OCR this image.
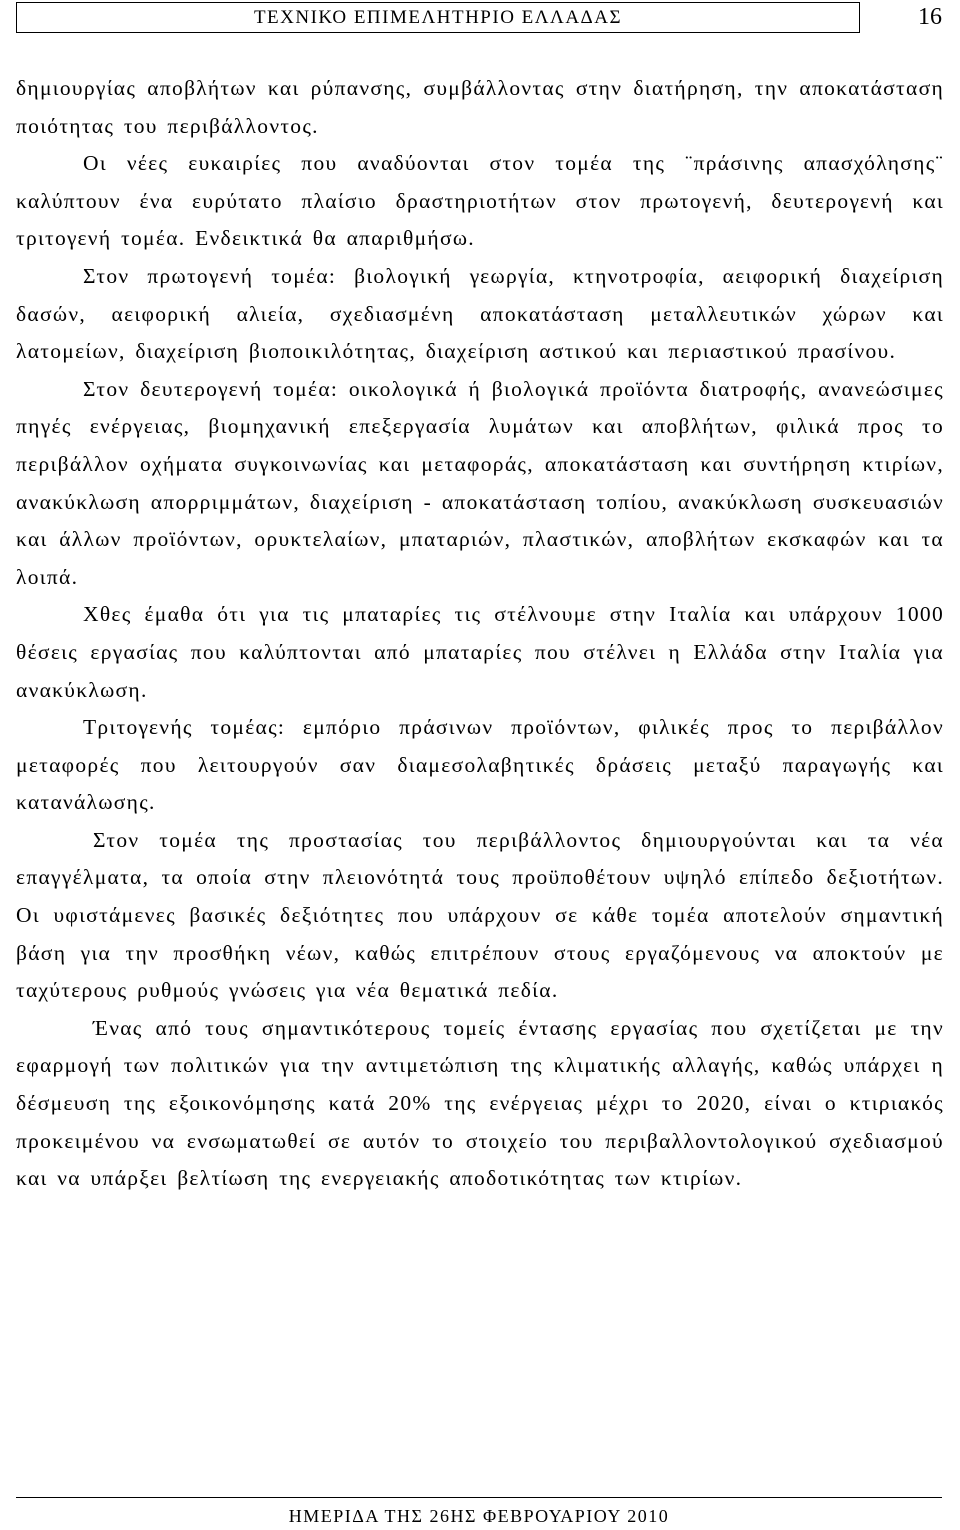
ΤΕΧΝΙΚΟ ΕΠΙΜΕΛΗΤΗΡΙΟ ΕΛΛΑΔΑΣ	16

δημιουργίας αποβλήτων και ρύπανσης, συμβάλλοντας στην διατήρηση, την αποκατάσταση ποιότητας του περιβάλλοντος.

Οι νέες ευκαιρίες που αναδύονται στον τομέα της ¨πράσινης απασχόλησης¨ καλύπτουν ένα ευρύτατο πλαίσιο δραστηριοτήτων στον πρωτογενή, δευτερογενή και τριτογενή τομέα. Ενδεικτικά θα απαριθμήσω.

Στον πρωτογενή τομέα: βιολογική γεωργία, κτηνοτροφία, αειφορική διαχείριση δασών, αειφορική αλιεία, σχεδιασμένη αποκατάσταση μεταλλευτικών χώρων και λατομείων, διαχείριση βιοποικιλότητας, διαχείριση αστικού και περιαστικού πρασίνου.

Στον δευτερογενή τομέα: οικολογικά ή βιολογικά προϊόντα διατροφής, ανανεώσιμες πηγές ενέργειας, βιομηχανική επεξεργασία λυμάτων και αποβλήτων, φιλικά προς το περιβάλλον οχήματα συγκοινωνίας και μεταφοράς, αποκατάσταση και συντήρηση κτιρίων, ανακύκλωση απορριμμάτων, διαχείριση - αποκατάσταση τοπίου, ανακύκλωση συσκευασιών και άλλων προϊόντων, ορυκτελαίων, μπαταριών, πλαστικών, αποβλήτων εκσκαφών και τα λοιπά.

Χθες έμαθα ότι για τις μπαταρίες τις στέλνουμε στην Ιταλία και υπάρχουν 1000 θέσεις εργασίας που καλύπτονται από μπαταρίες που στέλνει η Ελλάδα στην Ιταλία για ανακύκλωση.

Τριτογενής τομέας: εμπόριο πράσινων προϊόντων, φιλικές προς το περιβάλλον μεταφορές που λειτουργούν σαν διαμεσολαβητικές δράσεις μεταξύ παραγωγής και κατανάλωσης.

Στον τομέα της προστασίας του περιβάλλοντος δημιουργούνται και τα νέα επαγγέλματα, τα οποία στην πλειονότητά τους προϋποθέτουν υψηλό επίπεδο δεξιοτήτων. Οι υφιστάμενες βασικές δεξιότητες που υπάρχουν σε κάθε τομέα αποτελούν σημαντική βάση για την προσθήκη νέων, καθώς επιτρέπουν στους εργαζόμενους να αποκτούν με ταχύτερους ρυθμούς γνώσεις για νέα θεματικά πεδία.

Ένας από τους σημαντικότερους τομείς έντασης εργασίας που σχετίζεται με την εφαρμογή των πολιτικών για την αντιμετώπιση της κλιματικής αλλαγής, καθώς υπάρχει η δέσμευση της εξοικονόμησης κατά 20% της ενέργειας μέχρι το 2020, είναι ο κτιριακός προκειμένου να ενσωματωθεί σε αυτόν το στοιχείο του περιβαλλοντολογικού σχεδιασμού και να υπάρξει βελτίωση της ενεργειακής αποδοτικότητας των κτιρίων.

ΗΜΕΡΙΔΑ ΤΗΣ 26ΗΣ ΦΕΒΡΟΥΑΡΙΟΥ 2010
